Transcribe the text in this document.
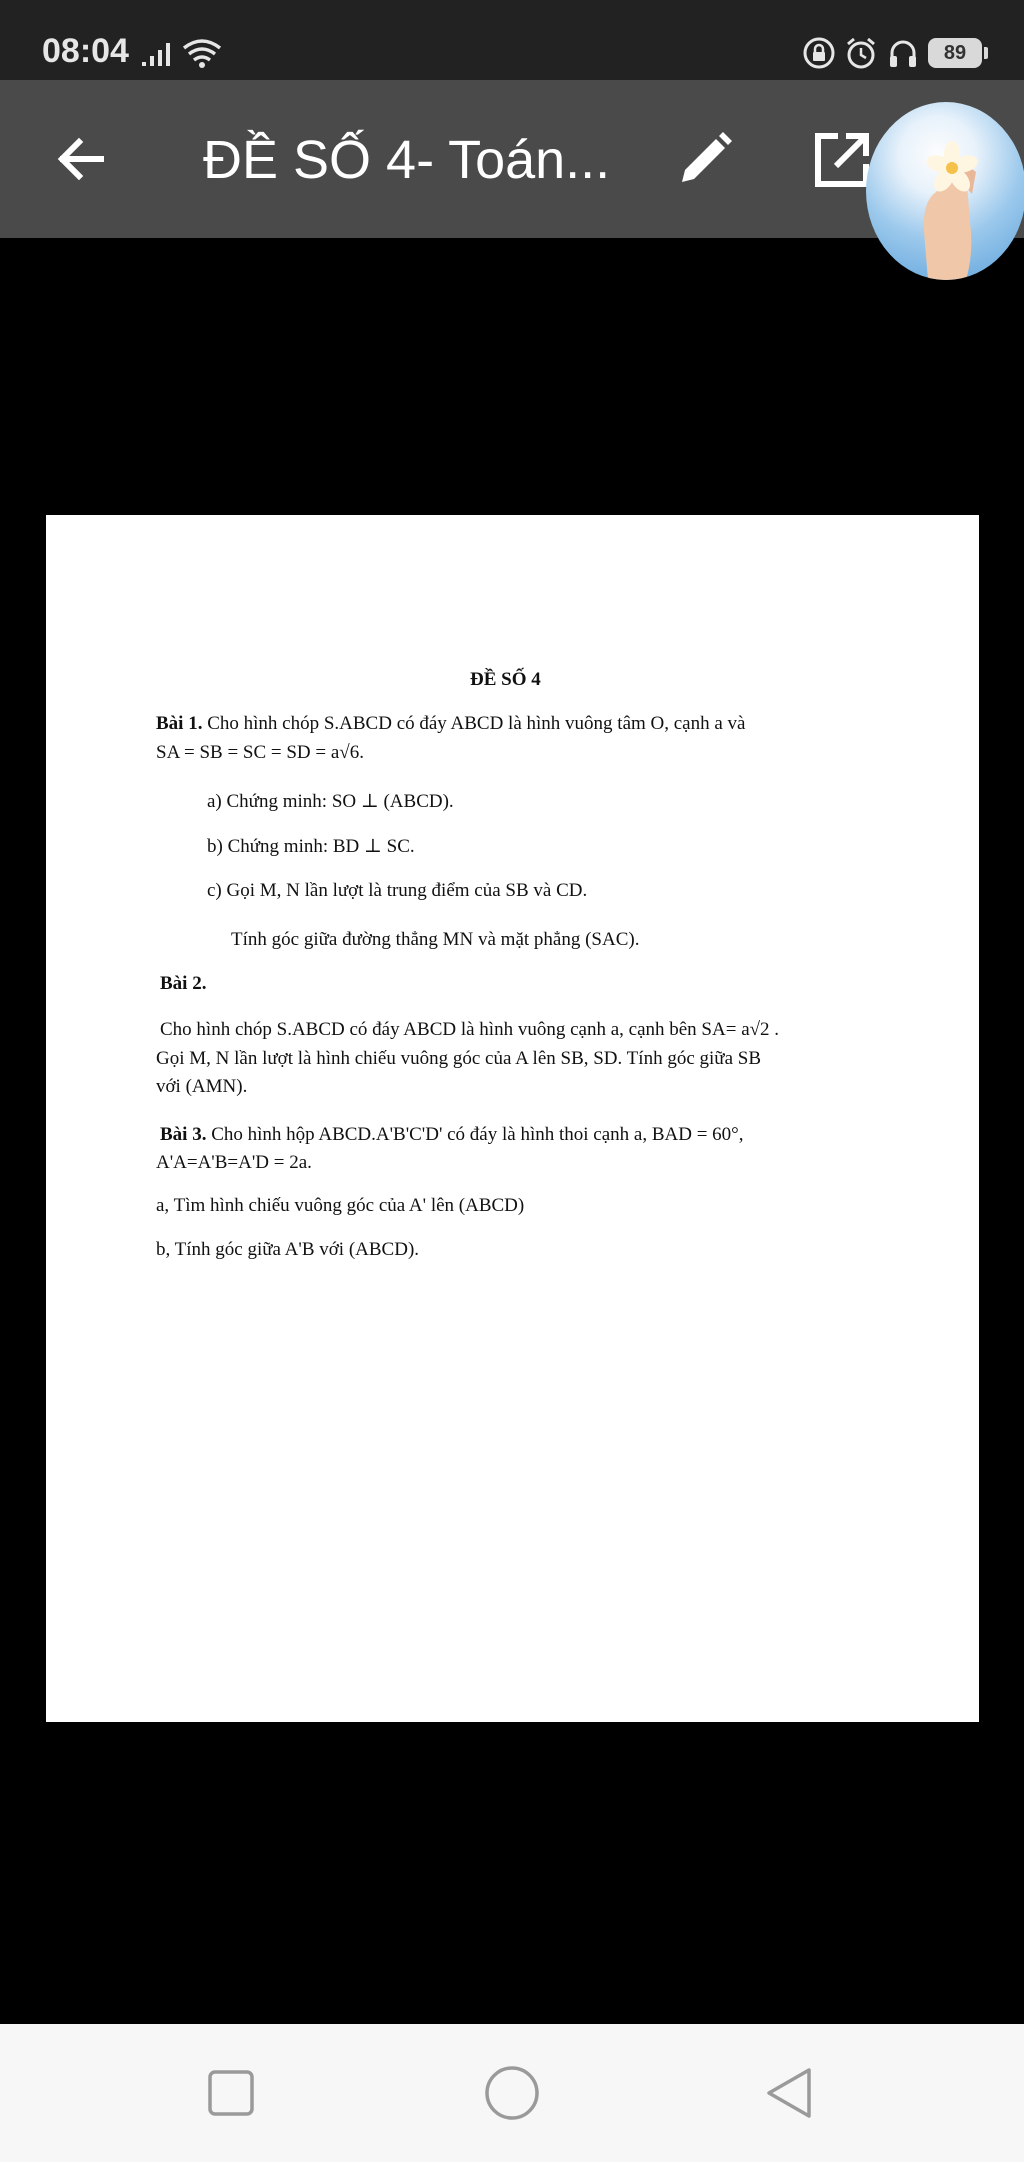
08:04	89
ĐỀ SỐ 4- Toán...
ĐỀ SỐ 4
Bài 1. Cho hình chóp S.ABCD có đáy ABCD là hình vuông tâm O, cạnh a và
SA = SB = SC = SD = a√6.
a) Chứng minh: SO ⊥ (ABCD).
b) Chứng minh: BD ⊥ SC.
c) Gọi M, N lần lượt là trung điểm của SB và CD.
Tính góc giữa đường thẳng MN và mặt phẳng (SAC).
Bài 2.
Cho hình chóp S.ABCD có đáy ABCD là hình vuông cạnh a, cạnh bên SA= a√2 .
Gọi M, N lần lượt là hình chiếu vuông góc của A lên SB, SD. Tính góc giữa SB
với (AMN).
Bài 3. Cho hình hộp ABCD.A'B'C'D' có đáy là hình thoi cạnh a, BAD = 60°,
A'A=A'B=A'D = 2a.
a, Tìm hình chiếu vuông góc của A' lên (ABCD)
b, Tính góc giữa A'B với (ABCD).
